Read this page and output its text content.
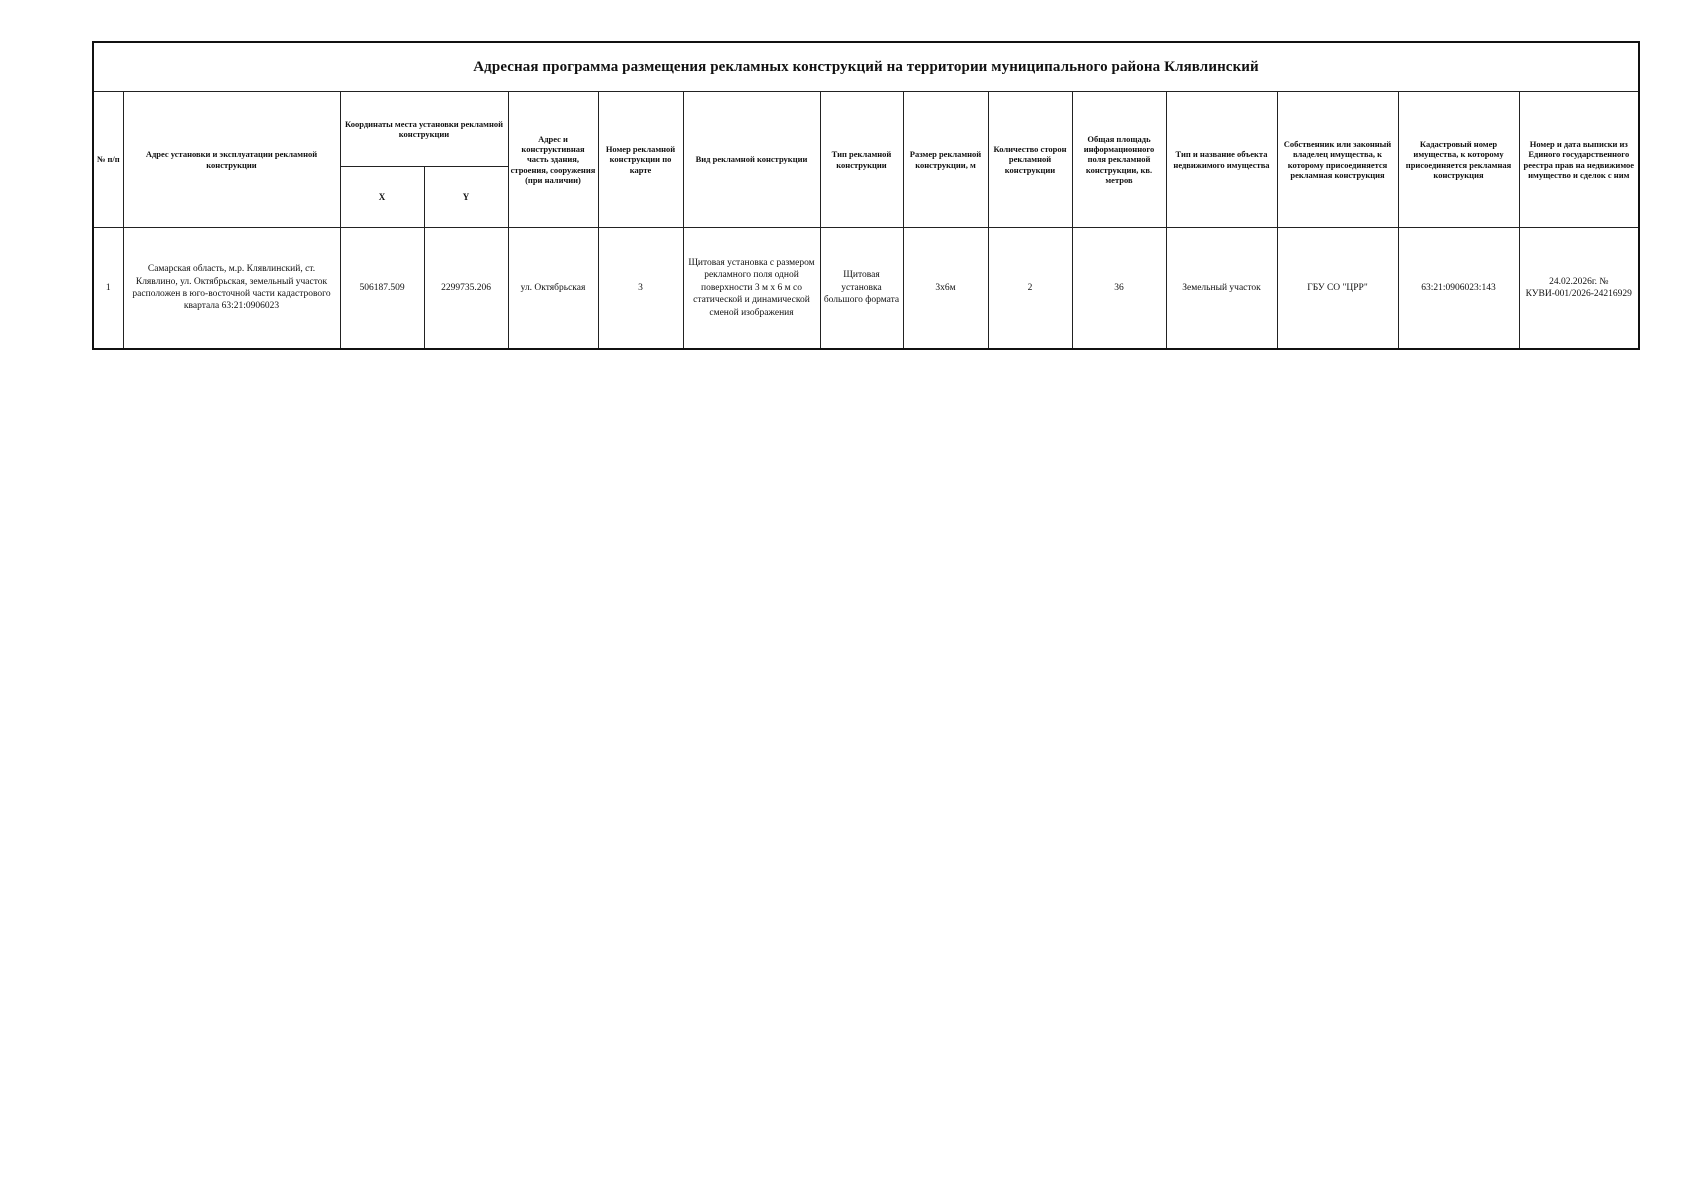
Адресная программа размещения рекламных конструкций на территории муниципального района Клявлинский														
№ п/п	Адрес установки и эксплуатации рекламной конструкции	Координаты места установки рекламной конструкции		Адрес и конструктивная часть здания, строения, сооружения (при наличии)	Номер рекламной конструкции по карте	Вид рекламной конструкции	Тип рекламной конструкции	Размер рекламной конструкции, м	Количество сторон рекламной конструкции	Общая площадь информационного поля рекламной конструкции, кв. метров	Тип и название объекта недвижимого имущества	Собственник или законный владелец имущества, к которому присоединяется рекламная конструкция	Кадастровый номер имущества, к которому присоединяется рекламная конструкция	Номер и дата выписки из Единого государственного реестра прав на недвижимое имущество и сделок с ним
		X	Y											
1	Самарская область, м.р. Клявлинский, ст. Клявлино, ул. Октябрьская, земельный участок расположен в юго-восточной части кадастрового квартала 63:21:0906023	506187.509	2299735.206	ул. Октябрьская	3	Щитовая установка с размером рекламного поля одной поверхности 3 м х 6 м со статической и динамической сменой изображения	Щитовая установка большого формата	3х6м	2	36	Земельный участок	ГБУ СО "ЦРР"	63:21:0906023:143	24.02.2026г. № КУВИ-001/2026-24216929
